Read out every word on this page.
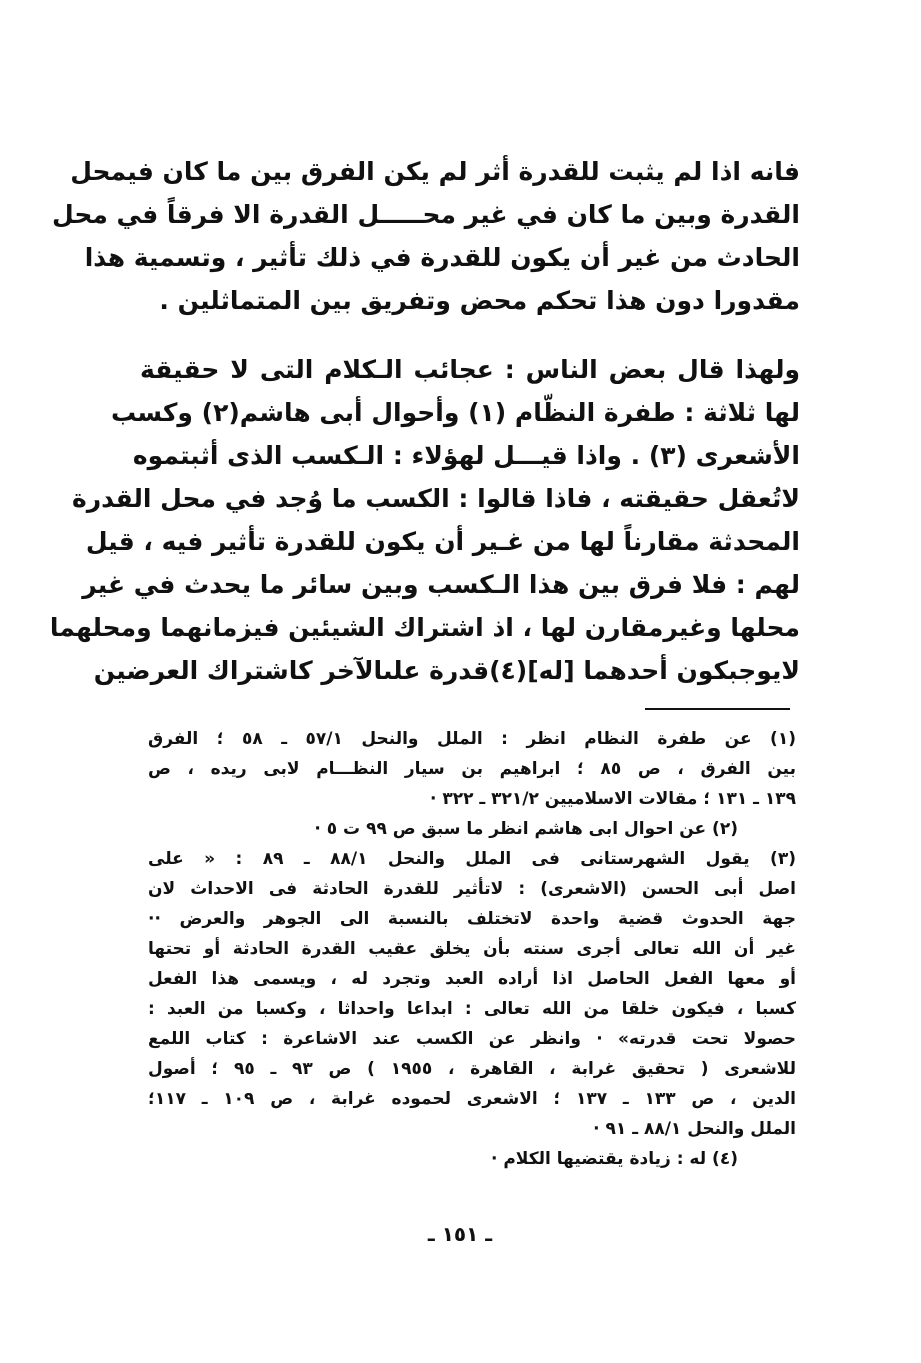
فانه اذا لم يثبت للقدرة أثر لم يكن الفرق بين ما كان فيمحل
القدرة وبين ما كان في غير محـــــل القدرة الا فرقاً في محل
الحادث من غير أن يكون للقدرة في ذلك تأثير ، وتسمية هذا
مقدورا دون هذا تحكم محض وتفريق بين المتماثلين .
ولهذا قال بعض الناس : عجائب الـكلام التى لا حقيقة
لها ثلاثة : طفرة النظّام (١) وأحوال أبى هاشم(٢) وكسب
الأشعرى (٣) . واذا قيـــل لهؤلاء : الـكسب الذى أثبتموه
لاتُعقل حقيقته ، فاذا قالوا : الكسب ما وُجد في محل القدرة
المحدثة مقارناً لها من غـير أن يكون للقدرة تأثير فيه ، قيل
لهم : فلا فرق بين هذا الـكسب وبين سائر ما يحدث في غير
محلها وغيرمقارن لها ، اذ اشتراك الشيئين فيزمانهما ومحلهما
لايوجبكون أحدهما [له](٤)قدرة علىالآخر كاشتراك العرضين
(١) عن طفرة النظام انظر : الملل والنحل ٥٧/١ ـ ٥٨ ؛ الفرق
بين الفرق ، ص ٨٥ ؛ ابراهيم بن سيار النظـــام لابى ريده ، ص
١٣٩ ـ ١٣١ ؛ مقالات الاسلاميين ٣٢١/٢ ـ ٣٢٢ ·
(٢) عن احوال ابى هاشم انظر ما سبق ص ٩٩ ت ٥ ·
(٣) يقول الشهرستانى فى الملل والنحل ٨٨/١ ـ ٨٩ : « على
اصل أبى الحسن (الاشعرى) : لاتأثير للقدرة الحادثة فى الاحداث لان
جهة الحدوث قضية واحدة لاتختلف بالنسبة الى الجوهر والعرض ··
غير أن الله تعالى أجرى سنته بأن يخلق عقيب القدرة الحادثة أو تحتها
أو معها الفعل الحاصل اذا أراده العبد وتجرد له ، ويسمى هذا الفعل
كسبا ، فيكون خلقا من الله تعالى : ابداعا واحداثا ، وكسبا من العبد :
حصولا تحت قدرته» · وانظر عن الكسب عند الاشاعرة : كتاب اللمع
للاشعرى ( تحقيق غرابة ، القاهرة ، ١٩٥٥ ) ص ٩٣ ـ ٩٥ ؛ أصول
الدين ، ص ١٣٣ ـ ١٣٧ ؛ الاشعرى لحموده غرابة ، ص ١٠٩ ـ ١١٧؛
الملل والنحل ٨٨/١ ـ ٩١ ·
(٤) له : زيادة يقتضيها الكلام ·
ـ ١٥١ ـ
